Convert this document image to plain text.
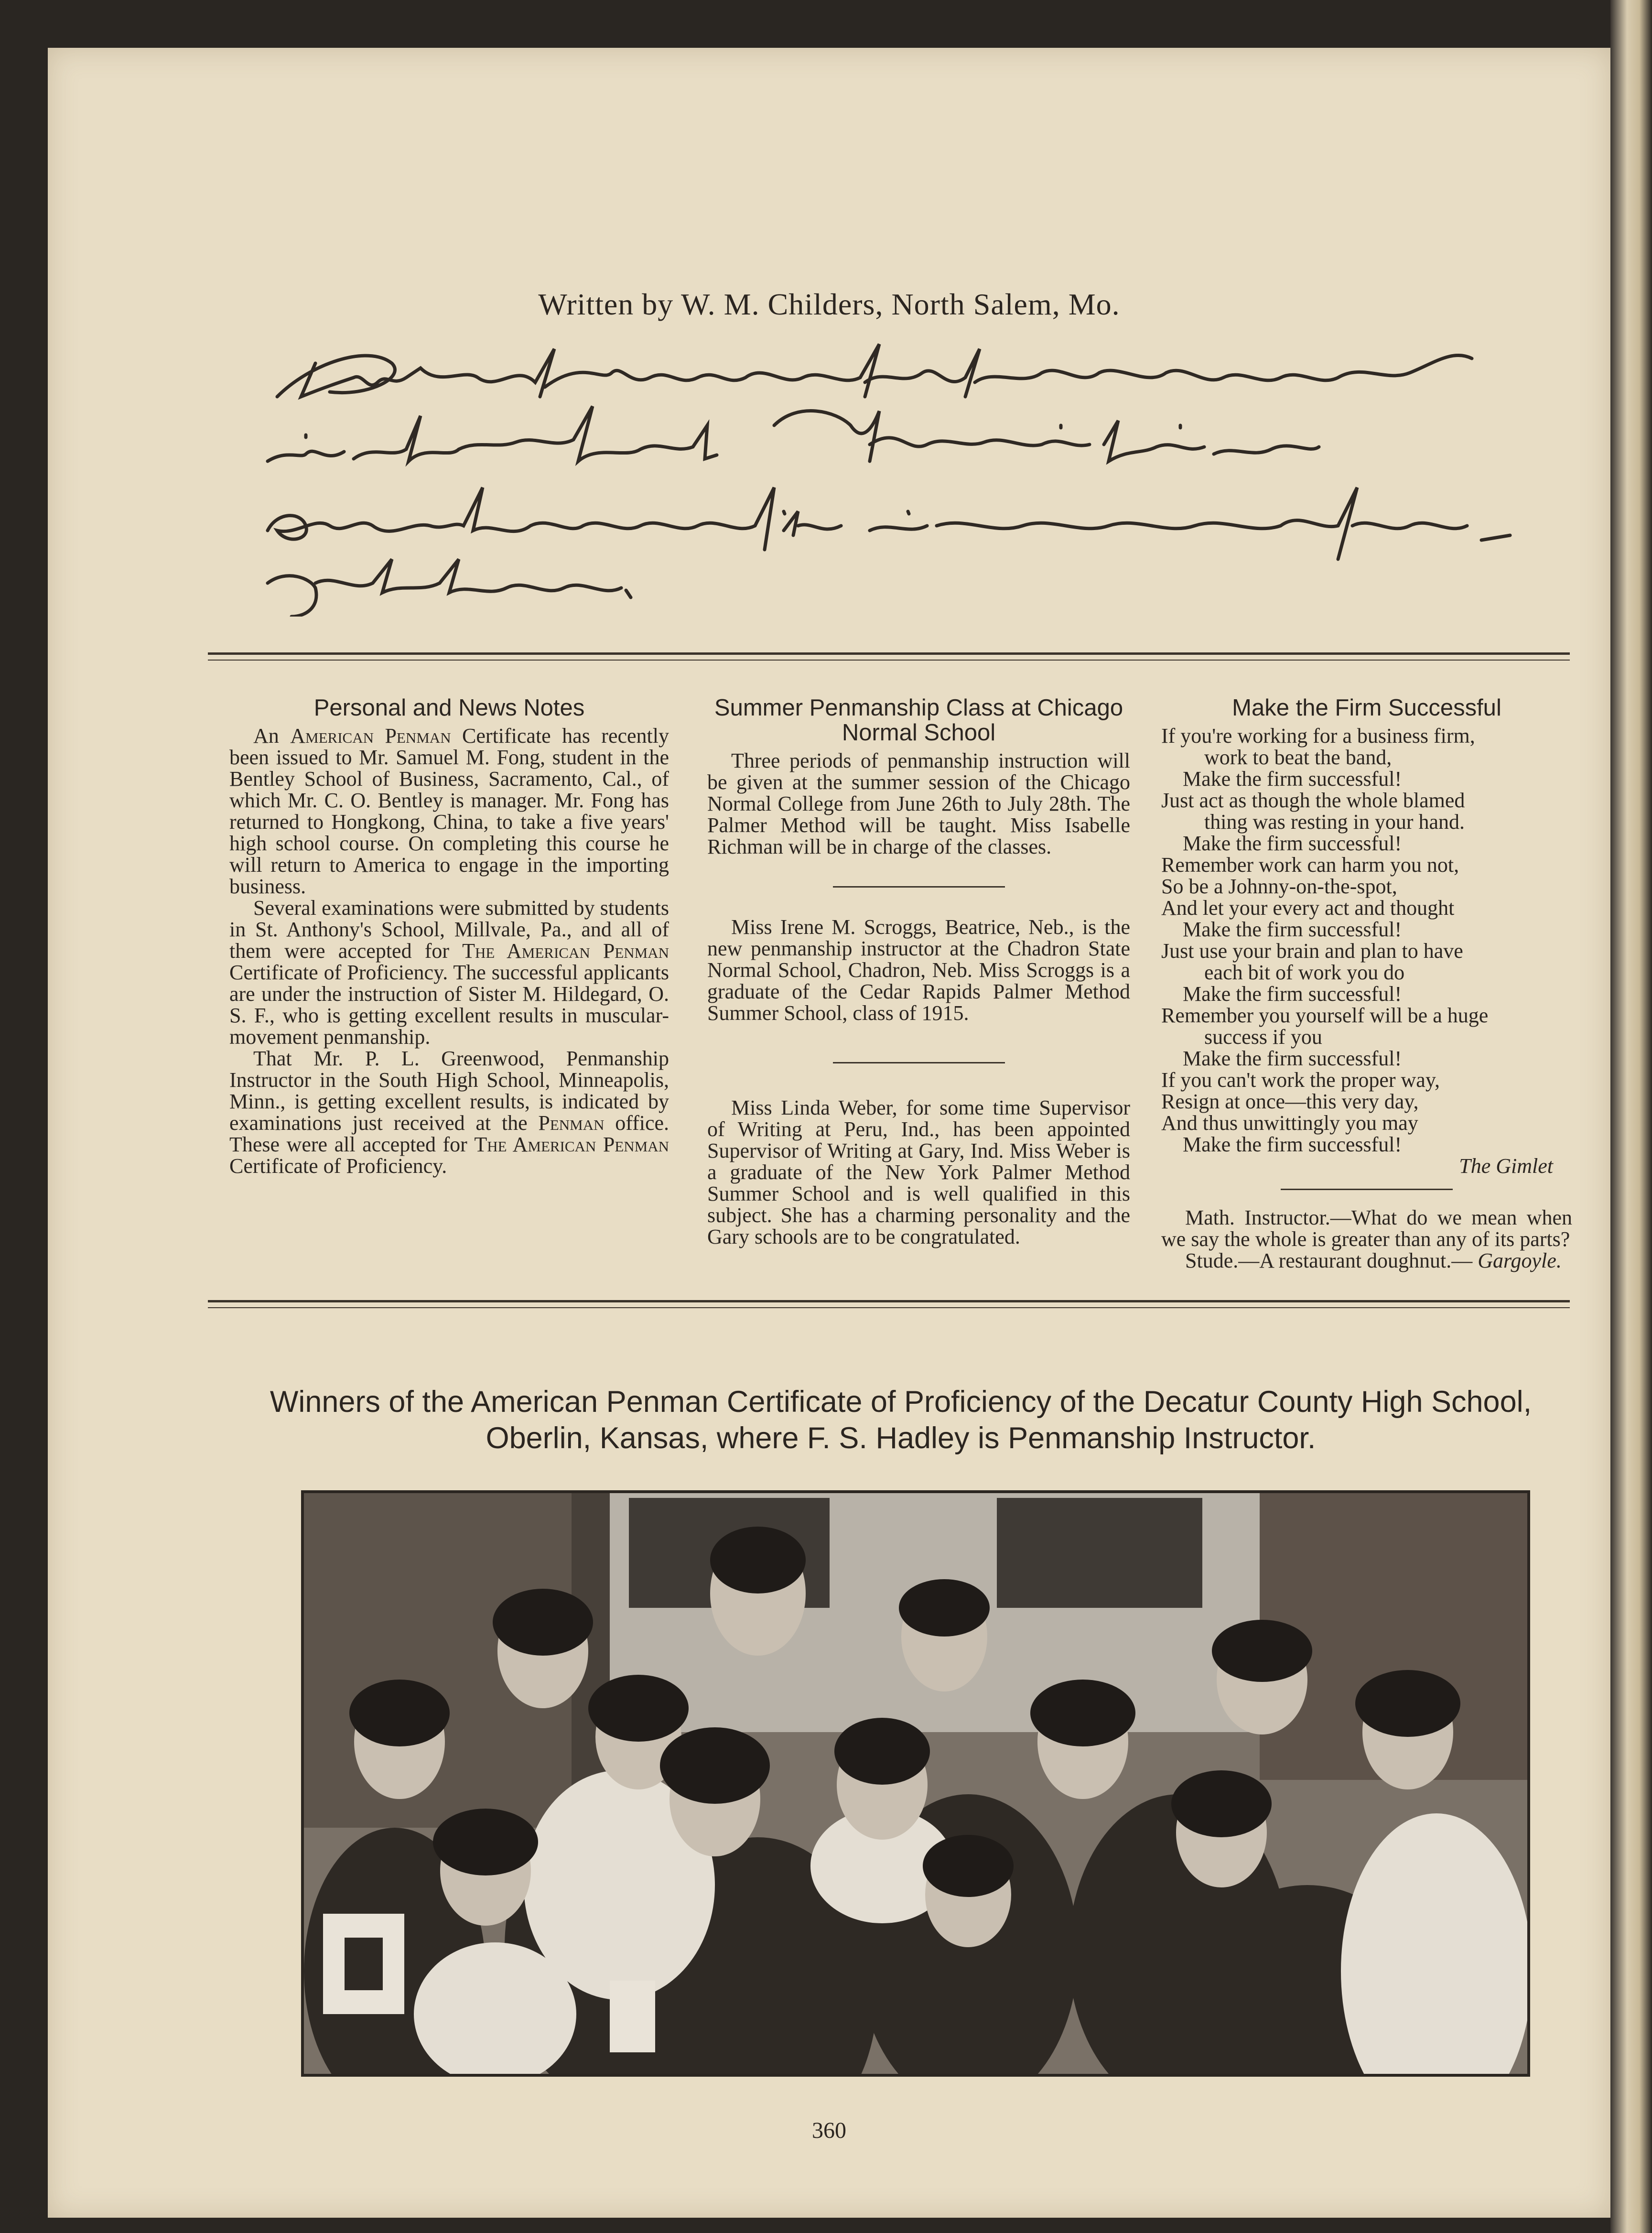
Written by W. M. Childers, North Salem, Mo.
Personal and News Notes

An American Penman Certificate has recently been issued to Mr. Samuel M. Fong, student in the Bentley School of Business, Sacramento, Cal., of which Mr. C. O. Bentley is manager. Mr. Fong has returned to Hongkong, China, to take a five years' high school course. On completing this course he will return to America to engage in the importing business.

Several examinations were submitted by students in St. Anthony's School, Millvale, Pa., and all of them were accepted for The American Penman Certificate of Proficiency. The successful applicants are under the instruction of Sister M. Hildegard, O. S. F., who is getting excellent results in muscular-movement penmanship.

That Mr. P. L. Greenwood, Penmanship Instructor in the South High School, Minneapolis, Minn., is getting excellent results, is indicated by examinations just received at the Penman office. These were all accepted for The American Penman Certificate of Proficiency.

Summer Penmanship Class at Chicago Normal School

Three periods of penmanship instruction will be given at the summer session of the Chicago Normal College from June 26th to July 28th. The Palmer Method will be taught. Miss Isabelle Richman will be in charge of the classes.

Miss Irene M. Scroggs, Beatrice, Neb., is the new penmanship instructor at the Chadron State Normal School, Chadron, Neb. Miss Scroggs is a graduate of the Cedar Rapids Palmer Method Summer School, class of 1915.

Miss Linda Weber, for some time Supervisor of Writing at Peru, Ind., has been appointed Supervisor of Writing at Gary, Ind. Miss Weber is a graduate of the New York Palmer Method Summer School and is well qualified in this subject. She has a charming personality and the Gary schools are to be congratulated.

Make the Firm Successful
If you're working for a business firm,
work to beat the band,
Make the firm successful!
Just act as though the whole blamed
thing was resting in your hand.
Make the firm successful!
Remember work can harm you not,
So be a Johnny-on-the-spot,
And let your every act and thought
Make the firm successful!
Just use your brain and plan to have
each bit of work you do
Make the firm successful!
Remember you yourself will be a huge
success if you
Make the firm successful!
If you can't work the proper way,
Resign at once—this very day,
And thus unwittingly you may
Make the firm successful!
The Gimlet

Math. Instructor.—What do we mean when we say the whole is greater than any of its parts?

Stude.—A restaurant doughnut.— Gargoyle.

Winners of the American Penman Certificate of Proficiency of the Decatur County High School, Oberlin, Kansas, where F. S. Hadley is Penmanship Instructor.
360
